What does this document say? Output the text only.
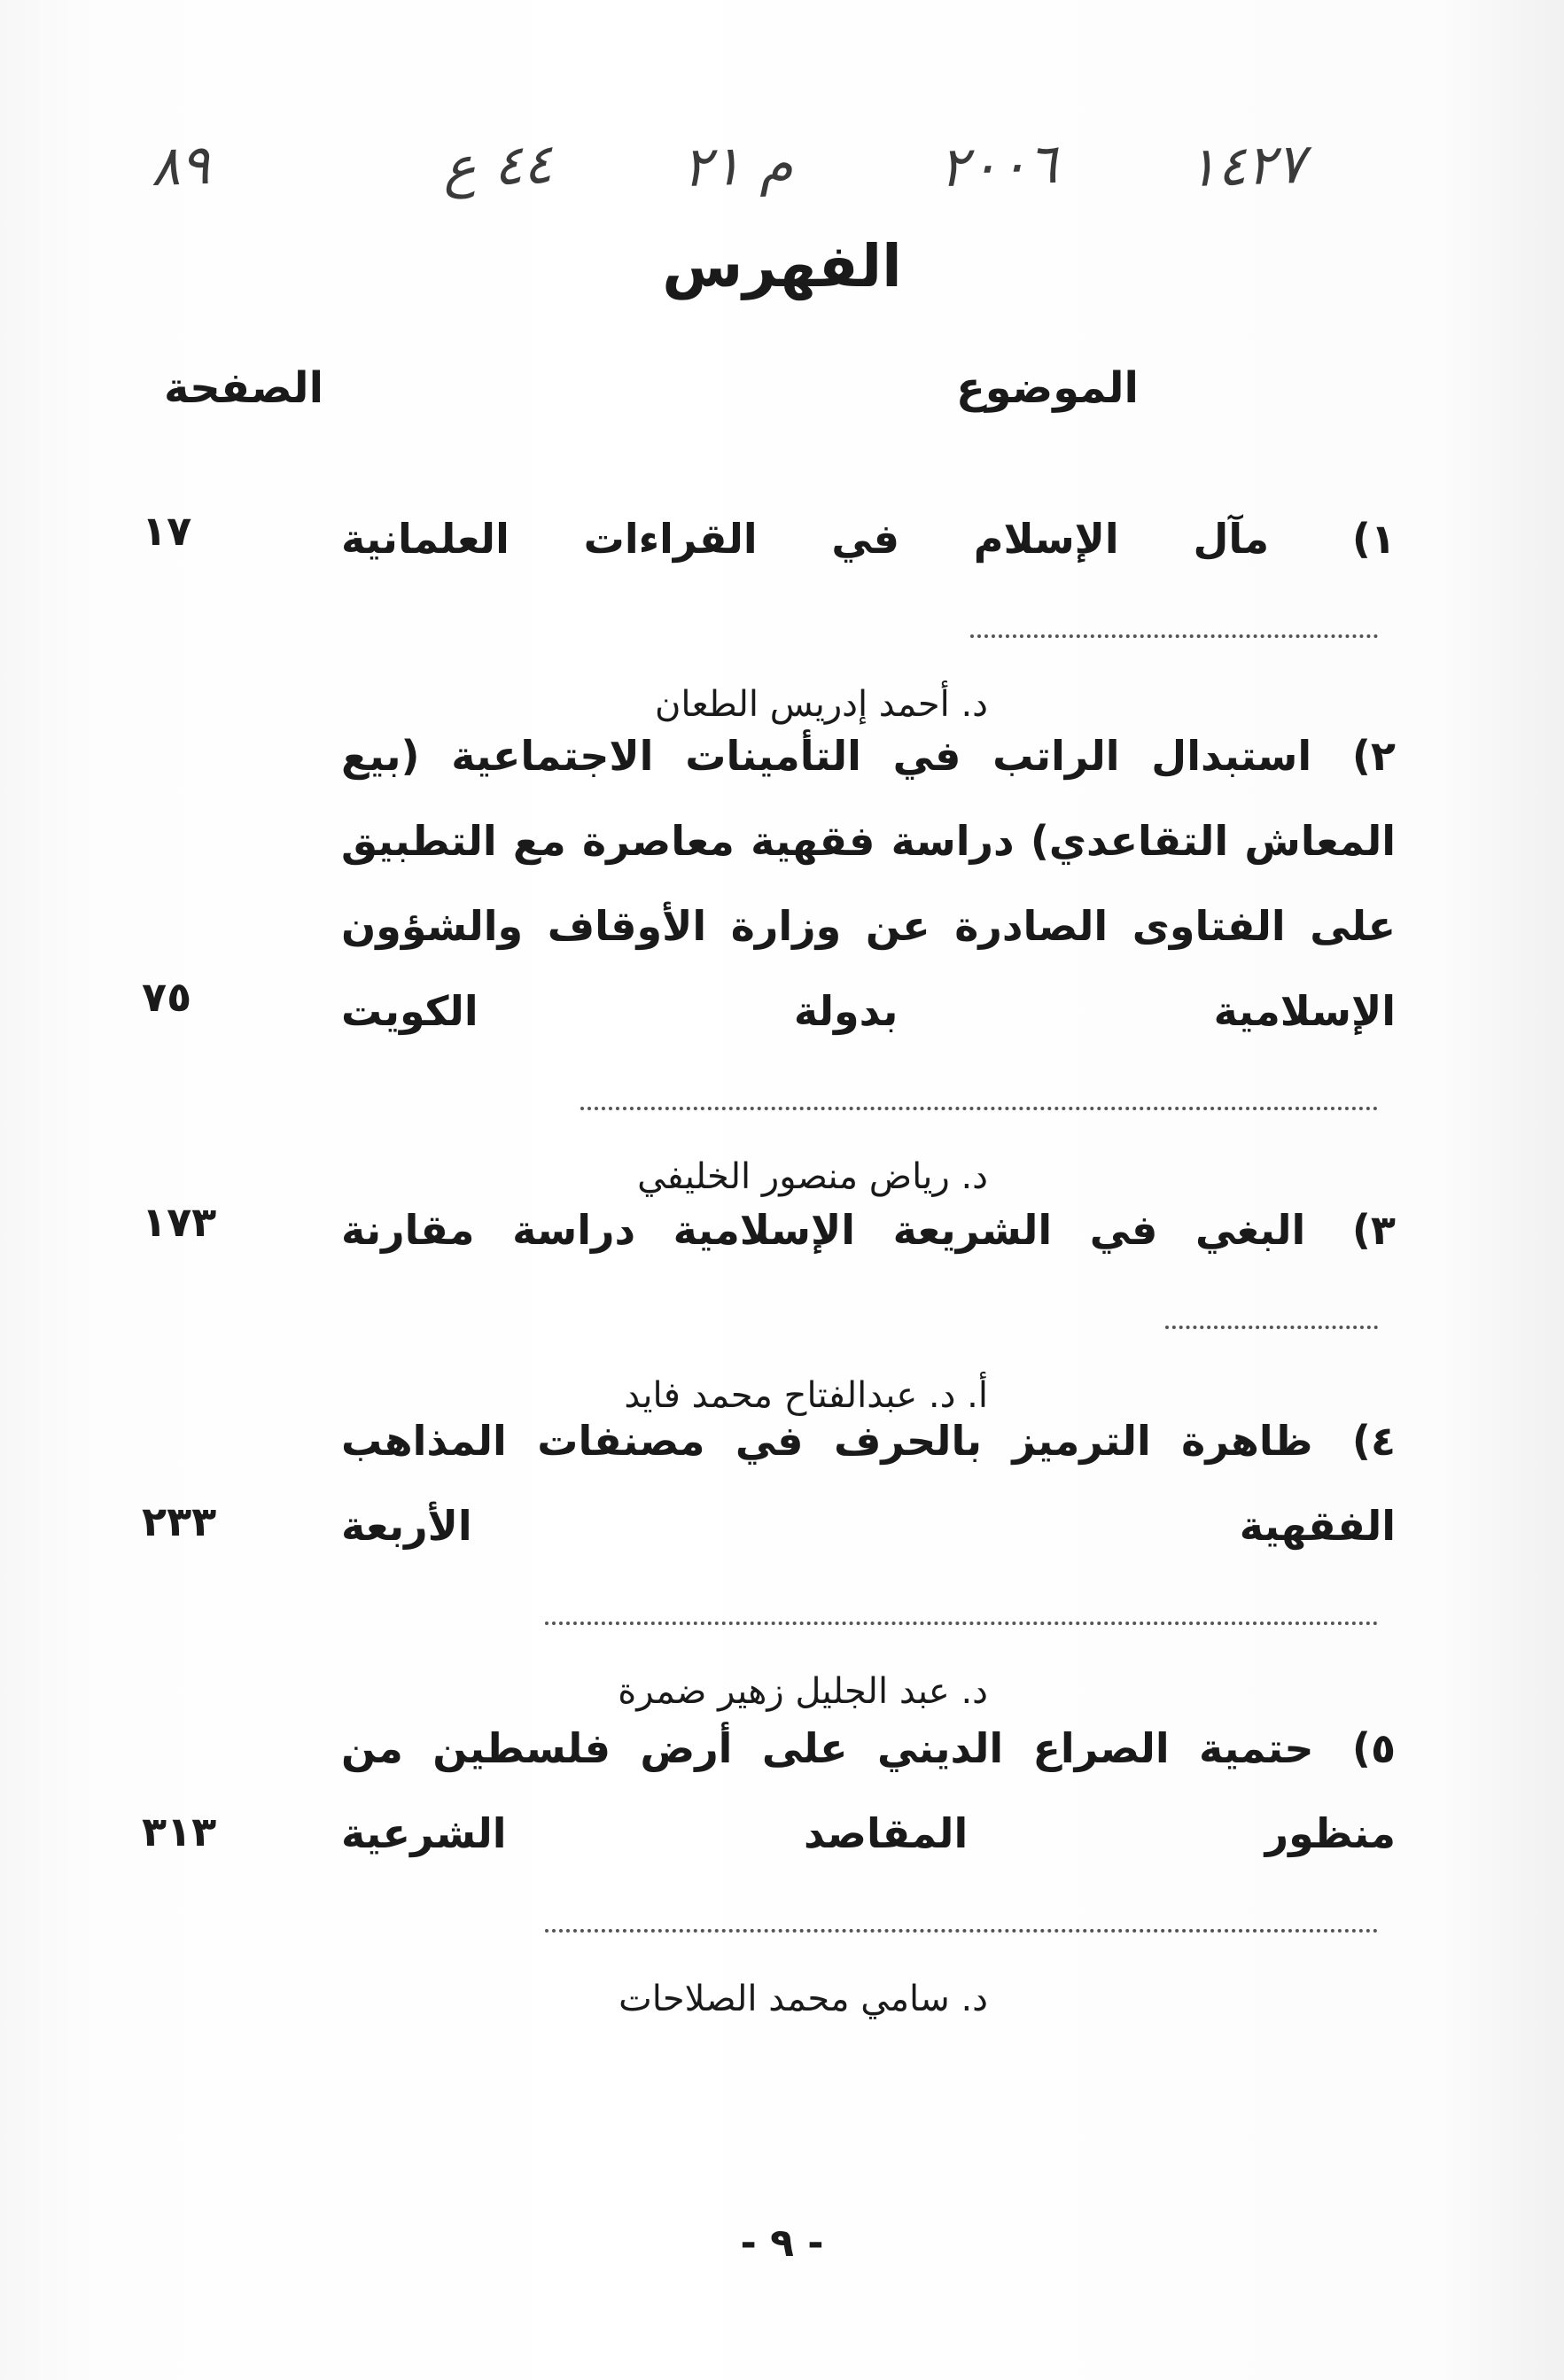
٨٩	٤٤ ع م ٢١	٢٠٠٦ ١٤٢٧
الفهرس
الموضوع
الصفحة
١) مآل الإسلام في القراءات العلمانية
د. أحمد إدريس الطعان
١٧
٢) استبدال الراتب في التأمينات الاجتماعية (بيع المعاش التقاعدي) دراسة فقهية معاصرة مع التطبيق على الفتاوى الصادرة عن وزارة الأوقاف والشؤون الإسلامية بدولة الكويت
د. رياض منصور الخليفي
٧٥
٣) البغي في الشريعة الإسلامية دراسة مقارنة
أ. د. عبدالفتاح محمد فايد
١٧٣
٤) ظاهرة الترميز بالحرف في مصنفات المذاهب الفقهية الأربعة
د. عبد الجليل زهير ضمرة
٢٣٣
٥) حتمية الصراع الديني على أرض فلسطين من منظور المقاصد الشرعية
د. سامي محمد الصلاحات
٣١٣
- ٩ -
